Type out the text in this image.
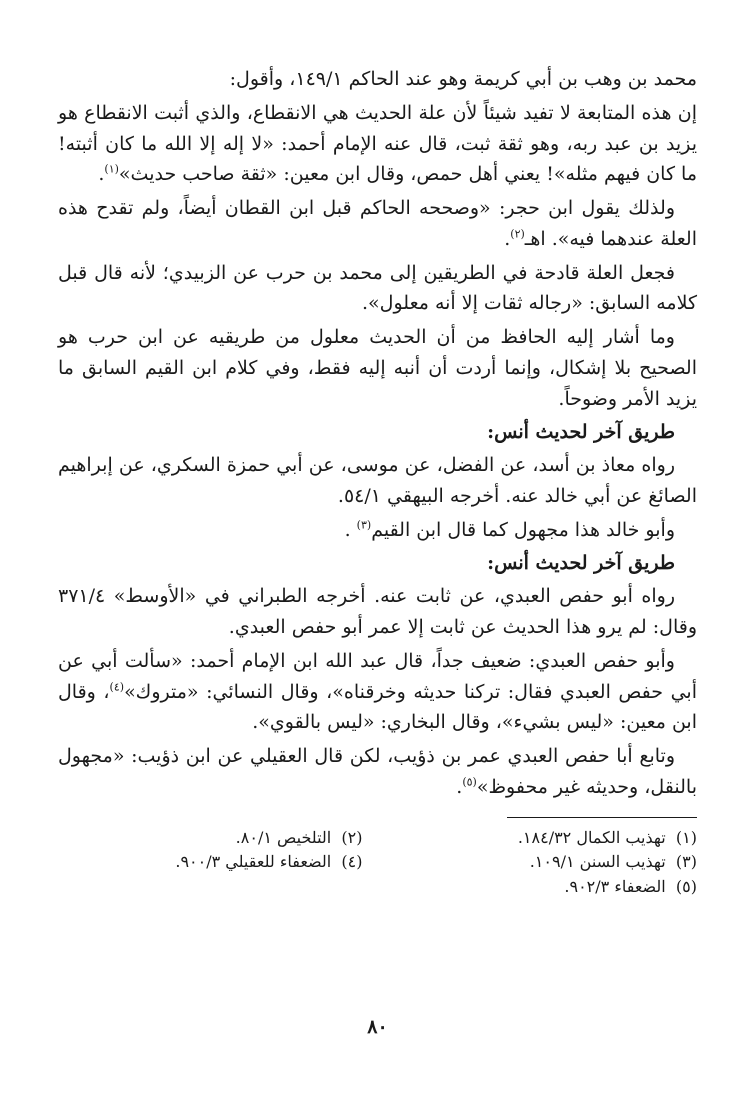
محمد بن وهب بن أبي كريمة وهو عند الحاكم ١٤٩/١، وأقول:

إن هذه المتابعة لا تفيد شيئاً لأن علة الحديث هي الانقطاع، والذي أثبت الانقطاع هو يزيد بن عبد ربه، وهو ثقة ثبت، قال عنه الإمام أحمد: «لا إله إلا الله ما كان أثبته! ما كان فيهم مثله»! يعني أهل حمص، وقال ابن معين: «ثقة صاحب حديث»$^{(١)}$.

ولذلك يقول ابن حجر: «وصححه الحاكم قبل ابن القطان أيضاً، ولم تقدح هذه العلة عندهما فيه». اهـ$^{(٢)}$.

فجعل العلة قادحة في الطريقين إلى محمد بن حرب عن الزبيدي؛ لأنه قال قبل كلامه السابق: «رجاله ثقات إلا أنه معلول».

وما أشار إليه الحافظ من أن الحديث معلول من طريقيه عن ابن حرب هو الصحيح بلا إشكال، وإنما أردت أن أنبه إليه فقط، وفي كلام ابن القيم السابق ما يزيد الأمر وضوحاً.

طريق آخر لحديث أنس:

رواه معاذ بن أسد، عن الفضل، عن موسى، عن أبي حمزة السكري، عن إبراهيم الصائغ عن أبي خالد عنه. أخرجه البيهقي ٥٤/١.

وأبو خالد هذا مجهول كما قال ابن القيم$^{(٣)}$ .

طريق آخر لحديث أنس:

رواه أبو حفص العبدي، عن ثابت عنه. أخرجه الطبراني في «الأوسط» ٣٧١/٤ وقال: لم يرو هذا الحديث عن ثابت إلا عمر أبو حفص العبدي.

وأبو حفص العبدي: ضعيف جداً، قال عبد الله ابن الإمام أحمد: «سألت أبي عن أبي حفص العبدي فقال: تركنا حديثه وخرقناه»، وقال النسائي: «متروك»$^{(٤)}$، وقال ابن معين: «ليس بشيء»، وقال البخاري: «ليس بالقوي».

وتابع أبا حفص العبدي عمر بن ذؤيب، لكن قال العقيلي عن ابن ذؤيب: «مجهول بالنقل، وحديثه غير محفوظ»$^{(٥)}$.

(١)  تهذيب الكمال ١٨٤/٣٢.
(٢)  التلخيص ٨٠/١.
(٣)  تهذيب السنن ١٠٩/١.
(٤)  الضعفاء للعقيلي ٩٠٠/٣.
(٥)  الضعفاء ٩٠٢/٣.
٨٠
